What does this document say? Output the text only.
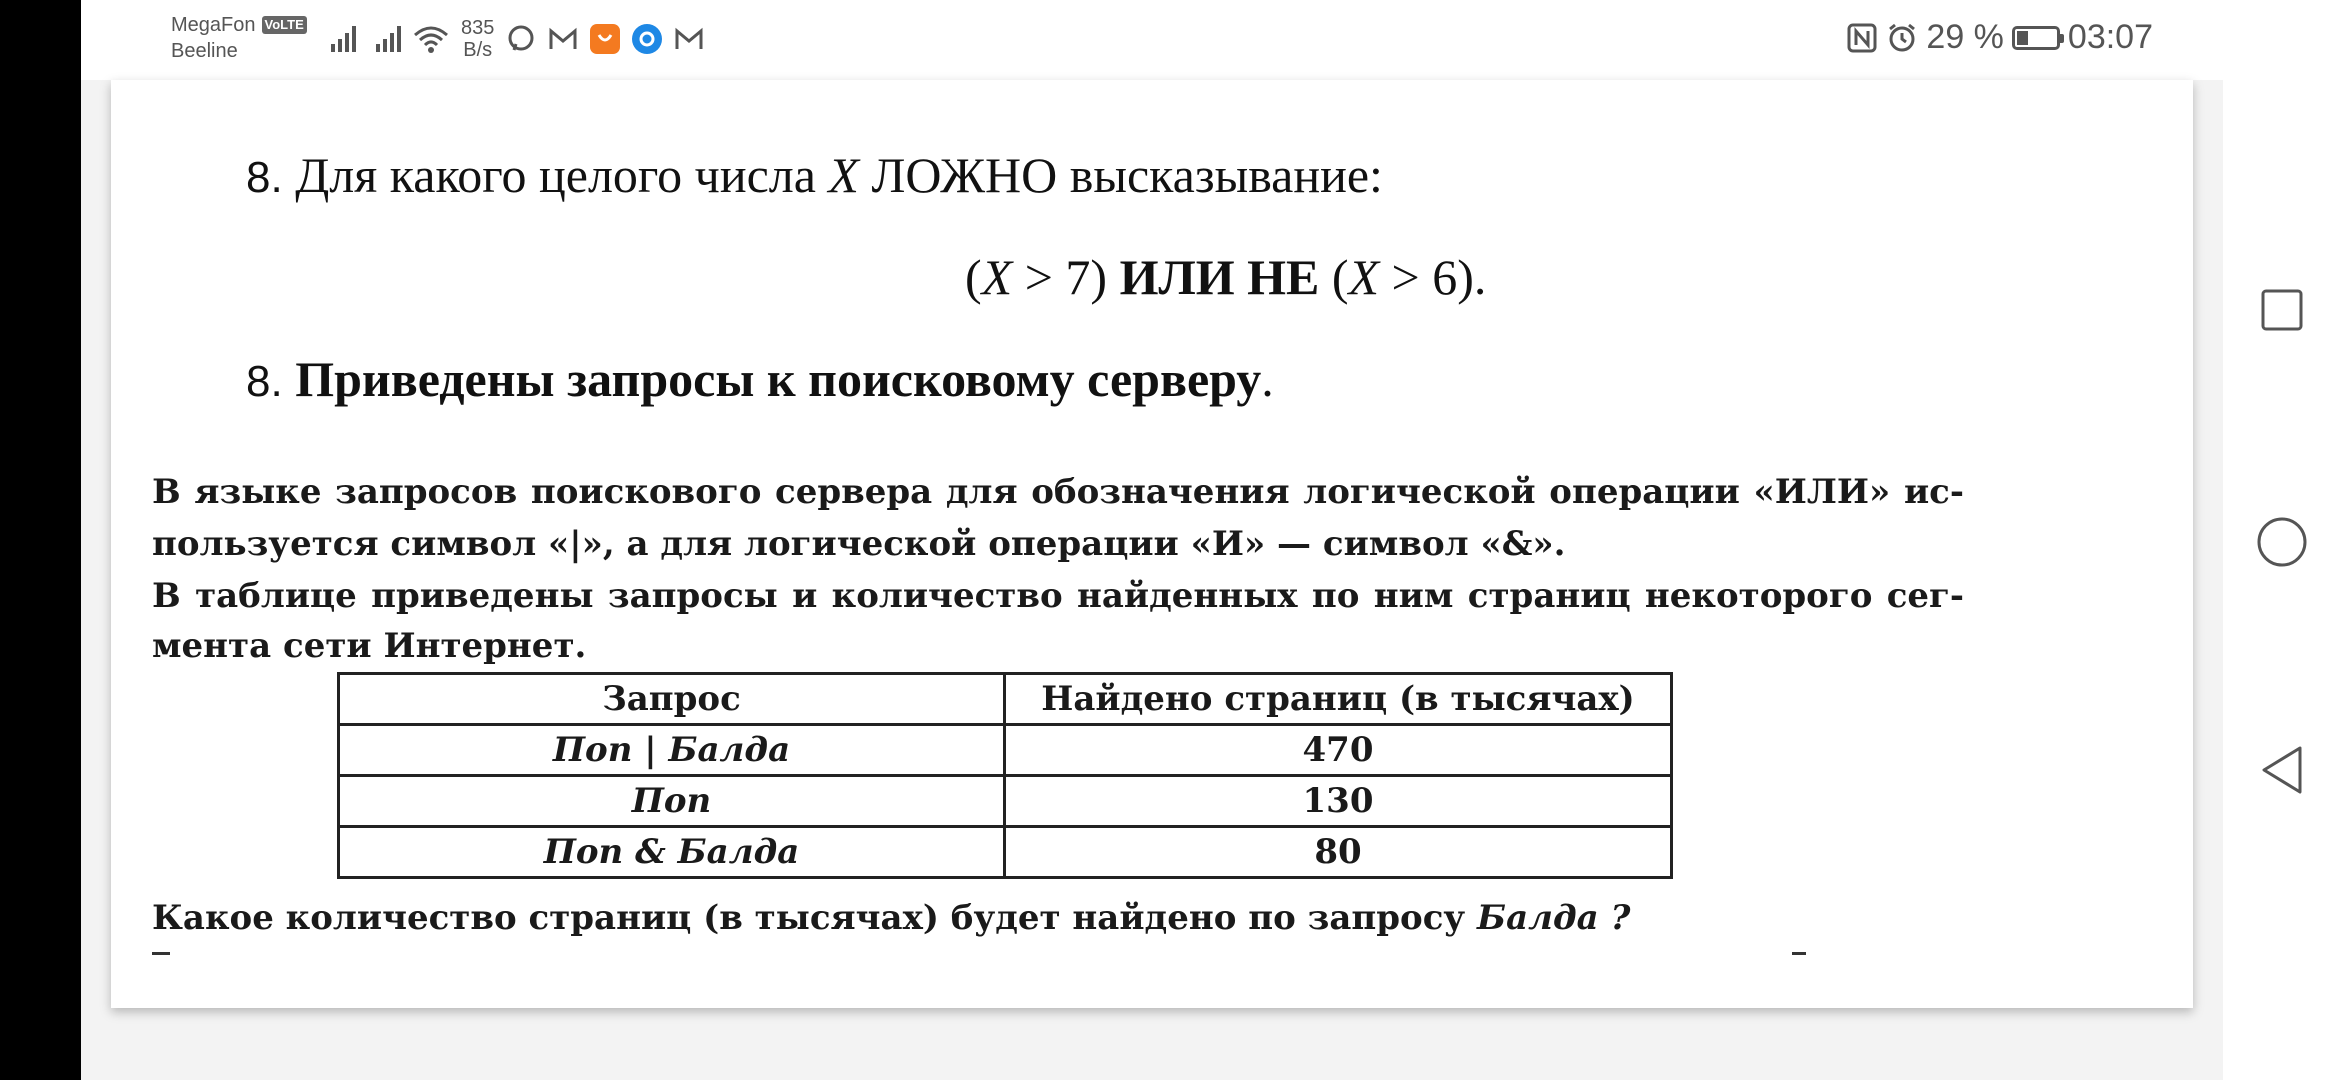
MegaFon VoLTE
Beeline
835
B/s	29 % 03:07
8. Для какого целого числа X ЛОЖНО высказывание:
(X > 7) ИЛИ НЕ (X > 6).
8. Приведены запросы к поисковому серверу.
В языке запросов поискового сервера для обозначения логической операции «ИЛИ» ис-
пользуется символ «|», а для логической операции «И» — символ «&».
В таблице приведены запросы и количество найденных по ним страниц некоторого сег-
мента сети Интернет.
Запрос	Найдено страниц (в тысячах)
Поп | Балда	470
Поп	130
Поп & Балда	80
Какое количество страниц (в тысячах) будет найдено по запросу Балда ?
